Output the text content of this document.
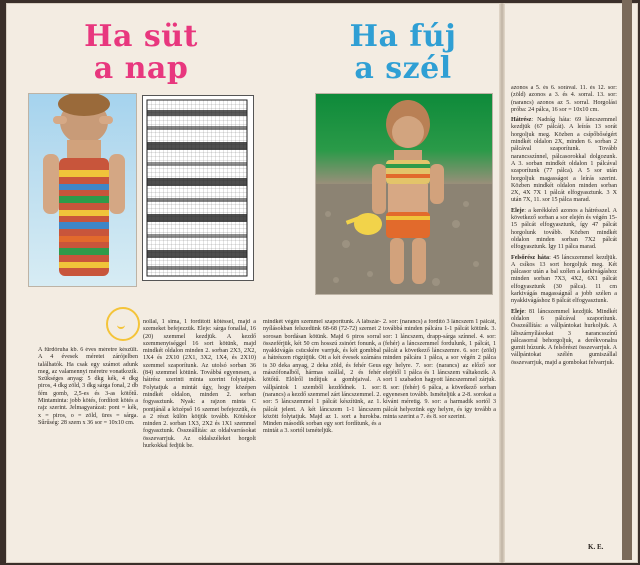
Ha süt
a nap
Ha fúj
a szél
A fürdőruha kb. 6 éves méretre készült. A 4 évesek méretei zárójelben találhatók. Ha csak egy számot adunk meg, az valamennyi méretre vonatkozik. Szükséges anyag: 5 dkg kék, 4 dkg piros, 4 dkg zöld, 3 dkg sárga fonal, 2 db fém gomb, 2,5-es és 3-as kötőtű. Mintaminta: jobb kötés, fordított kötés a rajz szerint. Jelmagyarázat: pont = kék, x = piros, o = zöld, üres = sárga. Sűrűség: 28 szem x 36 sor = 10x10 cm.
nollal, 1 sima, 1 fordított kötéssel, majd a szemeket befejezzük. Eleje: sárga fonallal, 16 (20) szemmel kezdjük. A kezdő szemmenyiséggel 16 sort kötünk, majd mindkét oldalon minden 2. sorban 2X3, 2X2, 1X4 és 2X10 (2X1, 3X2, 1X4, és 2X10) szemmel szaporítunk. Az utolsó sorban 36 (84) szemmel kötünk. Továbbá egyenesen, a hátrész szerinti minta szerint folytatjuk. Folytatjuk a mintát úgy, hogy középen mindkét oldalon, minden 2. sorban fogyasztunk. Nyak: a rajzon minta C pontjánál a középső 16 szemet befejezzük, és a 2 részt külön kötjük tovább. Kötéskor minden 2. sorban 1X3, 2X2 és 1X1 szemmel fogyasztunk. Összeállítás: az oldalvarrásokat összevarrjuk. Az oldalszéleket horgolt hurkokkal fedjük be.
mindkét végén szemmel szaporítunk. A lábszár-nyílásokban felszedünk 68-68 (72-72) szemet 2 sorosan bordásan kötünk. Majd 6 piros sorral összeférjük, két 50 cm hosszú zsinórt fonunk, a nyakkivágás csücskére varrjuk, és két gombbal a hátrészen rögzítjük. Ott a két évesek számára is 30 deka anyag, 2 deka zöld, és fehér Geus mászófonalból, hármas szállal, 2 és fehér kötőtű. Elölről indítjuk a gombjaival. A vállpántok 1 szemből kezdődnek. 1. sor: (narancs) a kezdő szemmel zárt láncszemmel. 2. sor: 5 láncszemmel 1 pálcát készítünk, az 1. pálcát jelent. A két láncszem 1-1 láncszem között folytatjuk. Majd az 1. sort a hurokba. Minden második sorban egy sort fordítunk, és a mintát a 3. sortól ismételjük.
2. sor: (narancs) a fordító 3 láncszem 1 pálcát, továbbá minden pálcára 1-1 pálcát kötünk. 3. sor: 1 láncszem, drapp-sárga színnel. 4. sor: (fehér) a láncszemmel fordulunk, 1 pálcát, 1 pálcát a következő láncszemre. 6. sor: (zöld) minden pálcára 1 pálca, a sor végén 2 pálca egy helyre. 7. sor: (narancs) az előző sor elejétől 1 pálca és 1 láncszem váltakozik. A sort 1 szabadon hagyott láncszemmel zárjuk. 8. sor: (fehér) 6 pálca, a következő sorban egyenesen tovább. Ismételjük a 2-8. sorokat a kívánt méretig. 9. sor: a harmadik sortól 3 pálcát helyezünk egy helyre, és így tovább a minta szerint a 7. és 8. sor szerint.

azonos a 5. és 6. sorával. 11. és 12. sor: (zöld) azonos a 3. és 4. sorral. 13. sor: (narancs) azonos az 5. sorral. Horgolási próba: 24 pálca, 16 sor = 10x10 cm.

Hátrész: Nadrág háta: 69 láncszemmel kezdjük (67 pálcát). A leírás 13 sorát horgoljuk meg. Közben a csípőbőségért mindkét oldalon 2X, minden 6. sorban 2 pálcával szaporítunk. Tovább narancsszínnel, pálcasorokkal dolgozunk. A 3. sorban mindkét oldalon 1 pálcával szaporítunk (77 pálca). A 5 sor után horgoljuk magasságot a leírás szerint. Közben mindkét oldalon minden sorban 2X, 4X 7X 1 pálcát elfogyasztunk. 3 X után 7X, 11. sor 15 pálca marad.

Eleje: a kerékkéző azonos a hátrésszel. A következő sorban a sor elején és végén 15-15 pálcát elfogyasztunk, így 47 pálcát horgolunk tovább. Közben mindkét oldalon minden sorban 7X2 pálcát elfogyasztunk. Így 11 pálca marad.

Felsőrész háta: 45 láncszemmel kezdjük. A csíkos 13 sort horgoljuk meg. Két pálcasor után a bal szélen a karkivágáshoz minden sorban 7X3, 4X2, 6X1 pálcát elfogyasztunk (30 pálca). 11 cm karkivágás magasságnál a jobb szélen a nyakkivágáshoz 8 pálcát elfogyasztunk.

Eleje: 81 láncszemmel kezdjük. Mindkét oldalon 6 pálcával szaporítunk. Összeállítás: a vállpántokat hurkoljuk. A lábszárnyílásokat 3 narancsszínű pálcasorral behorgoljuk, a derékvonalra gumit húzunk. A felsőrészt összevarrjuk. A vállpántokat szélén gumiszállal összevarrjuk, majd a gombokat felvarrjuk.

K. E.
